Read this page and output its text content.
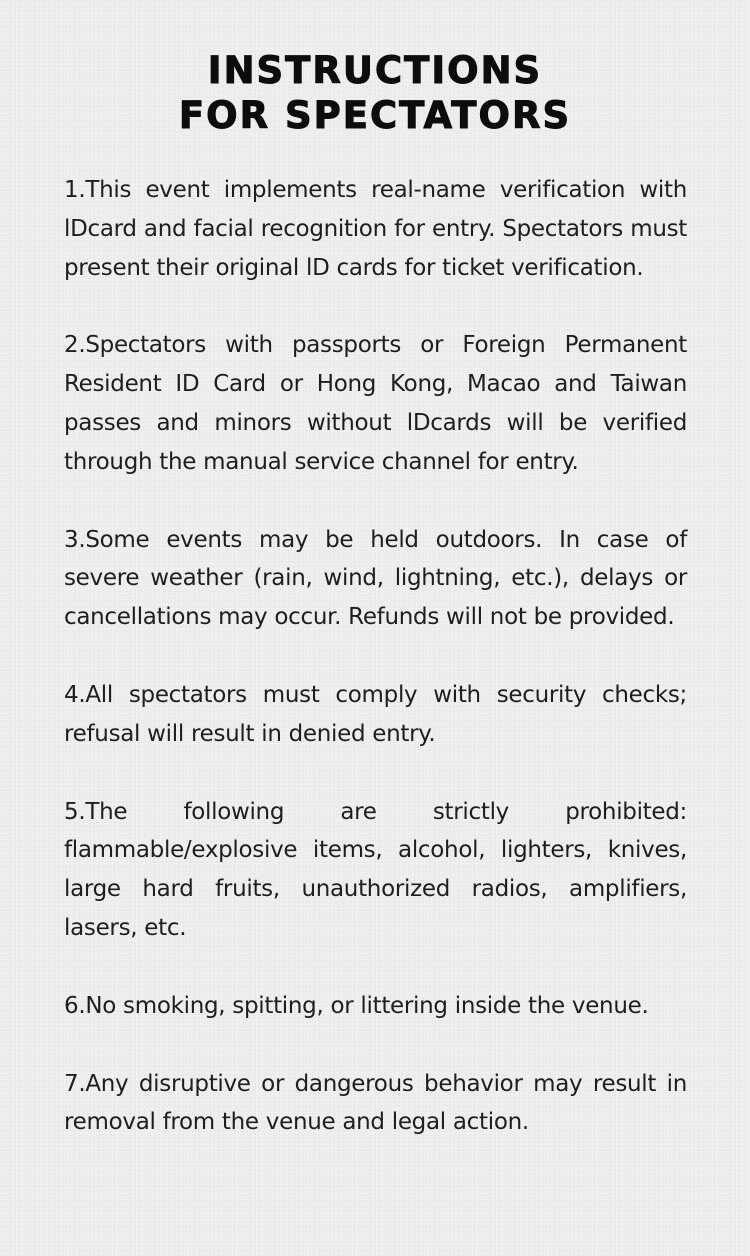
INSTRUCTIONS
FOR SPECTATORS

1.This event implements real-name verification with lDcard and facial recognition for entry. Spectators must present their original lD cards for ticket verification.

2.Spectators with passports or Foreign Permanent Resident ID Card or Hong Kong, Macao and Taiwan passes and minors without lDcards will be verified through the manual service channel for entry.

3.Some events may be held outdoors. In case of severe weather (rain, wind, lightning, etc.), delays or cancellations may occur. Refunds will not be provided.

4.All spectators must comply with security checks; refusal will result in denied entry.

5.The following are strictly prohibited: flammable/explosive items, alcohol, lighters, knives, large hard fruits, unauthorized radios, amplifiers, lasers, etc.

6.No smoking, spitting, or littering inside the venue.

7.Any disruptive or dangerous behavior may result in removal from the venue and legal action.
